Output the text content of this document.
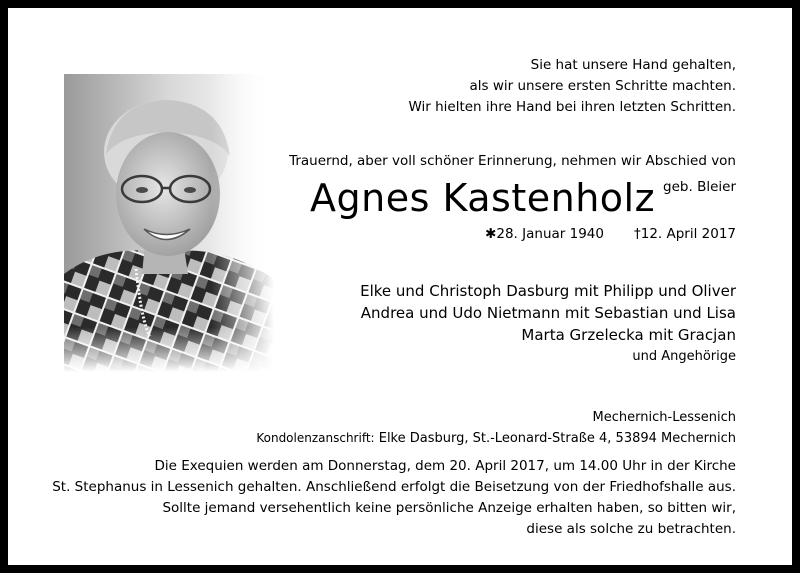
Sie hat unsere Hand gehalten,
als wir unsere ersten Schritte machten.
Wir hielten ihre Hand bei ihren letzten Schritten.
Trauernd, aber voll schöner Erinnerung, nehmen wir Abschied von
Agnes Kastenholz $^{geb. Bleier}$
✱28. Januar 1940 †12. April 2017
Elke und Christoph Dasburg mit Philipp und Oliver
Andrea und Udo Nietmann mit Sebastian und Lisa
Marta Grzelecka mit Gracjan
und Angehörige
Mechernich-Lessenich
Kondolenzanschrift: Elke Dasburg, St.-Leonard-Straße 4, 53894 Mechernich
Die Exequien werden am Donnerstag, dem 20. April 2017, um 14.00 Uhr in der Kirche
St. Stephanus in Lessenich gehalten. Anschließend erfolgt die Beisetzung von der Friedhofshalle aus.
Sollte jemand versehentlich keine persönliche Anzeige erhalten haben, so bitten wir,
diese als solche zu betrachten.
